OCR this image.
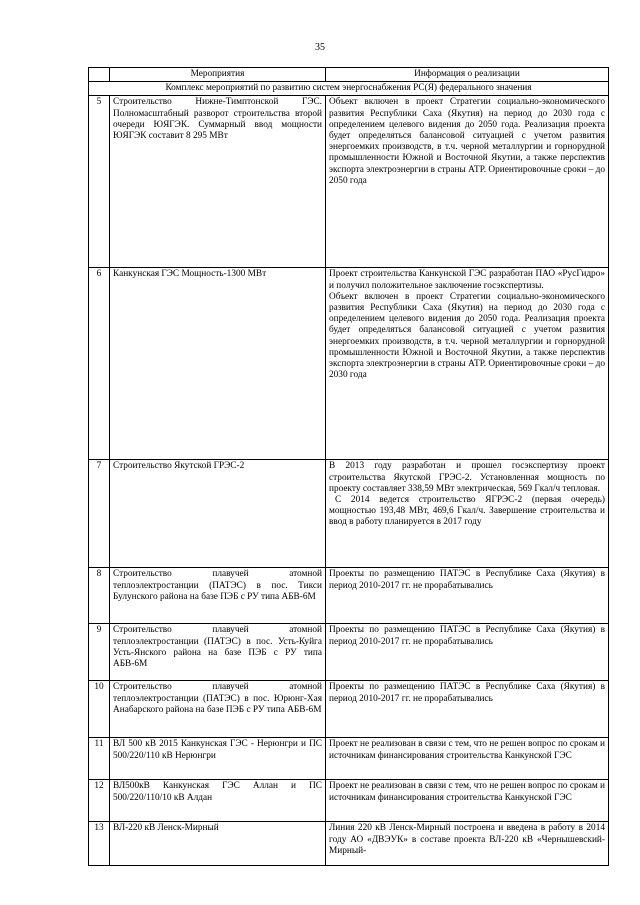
35
	Мероприятия	Информация о реализации
Комплекс мероприятий по развитию систем энергоснабжения РС(Я) федерального значения		
5	Строительство Нижне-Тимптонской ГЭС. Полномасштабный разворот строительства второй очереди ЮЯГЭК. Суммарный ввод мощности ЮЯГЭК составит 8 295 МВт	Объект включен в проект Стратегии социально-экономического развития Республики Саха (Якутия) на период до 2030 года с определением целевого видения до 2050 года. Реализация проекта будет определяться балансовой ситуацией с учетом развития энергоемких производств, в т.ч. черной металлургии и горнорудной промышленности Южной и Восточной Якутии, а также перспектив экспорта электроэнергии в страны АТР. Ориентировочные сроки – до 2050 года

6	Канкунская ГЭС Мощность-1300 МВт	Проект строительства Канкунской ГЭС разработан ПАО «РусГидро» и получил положительное заключение госэкспертизы.
Объект включен в проект Стратегии социально-экономического развития Республики Саха (Якутия) на период до 2030 года с определением целевого видения до 2050 года. Реализация проекта будет определяться балансовой ситуацией с учетом развития энергоемких производств, в т.ч. черной металлургии и горнорудной промышленности Южной и Восточной Якутии, а также перспектив экспорта электроэнергии в страны АТР. Ориентировочные сроки – до 2030 года

7	Строительство Якутской ГРЭС-2	В 2013 году разработан и прошел госэкспертизу проект строительства Якутской ГРЭС-2. Установленная мощность по проекту составляет 338,59 МВт электрическая, 569 Гкал/ч тепловая.
С 2014 ведется строительство ЯГРЭС-2 (первая очередь) мощностью 193,48 МВт, 469,6 Гкал/ч. Завершение строительства и ввод в работу планируется в 2017 году

8	Строительство плавучей атомной теплоэлектростанции (ПАТЭС) в пос. Тикси Булунского района на базе ПЭБ с РУ типа АБВ-6М	Проекты по размещению ПАТЭС в Республике Саха (Якутия) в период 2010-2017 гг. не прорабатывались

9	Строительство плавучей атомной теплоэлектростанции (ПАТЭС) в пос. Усть-Куйга Усть-Янского района на базе ПЭБ с РУ типа АБВ-6М	Проекты по размещению ПАТЭС в Республике Саха (Якутия) в период 2010-2017 гг. не прорабатывались

10	Строительство плавучей атомной теплоэлектростанции (ПАТЭС) в пос. Юрюнг-Хая Анабарского района на базе ПЭБ с РУ типа АБВ-6М	Проекты по размещению ПАТЭС в Республике Саха (Якутия) в период 2010-2017 гг. не прорабатывались

11	ВЛ 500 кВ 2015 Канкунская ГЭС - Нерюнгри и ПС 500/220/110 кВ Нерюнгри	Проект не реализован в связи с тем, что не решен вопрос по срокам и источникам финансирования строительства Канкунской ГЭС

12	ВЛ500кВ Канкунская ГЭС Аллан и ПС 500/220/110/10 кВ Алдан	Проект не реализован в связи с тем, что не решен вопрос по срокам и источникам финансирования строительства Канкунской ГЭС

13	ВЛ-220 кВ Ленск-Мирный	Линия 220 кВ Ленск-Мирный построена и введена в работу в 2014 году АО «ДВЭУК» в составе проекта ВЛ-220 кВ «Чернышевский-Мирный-
